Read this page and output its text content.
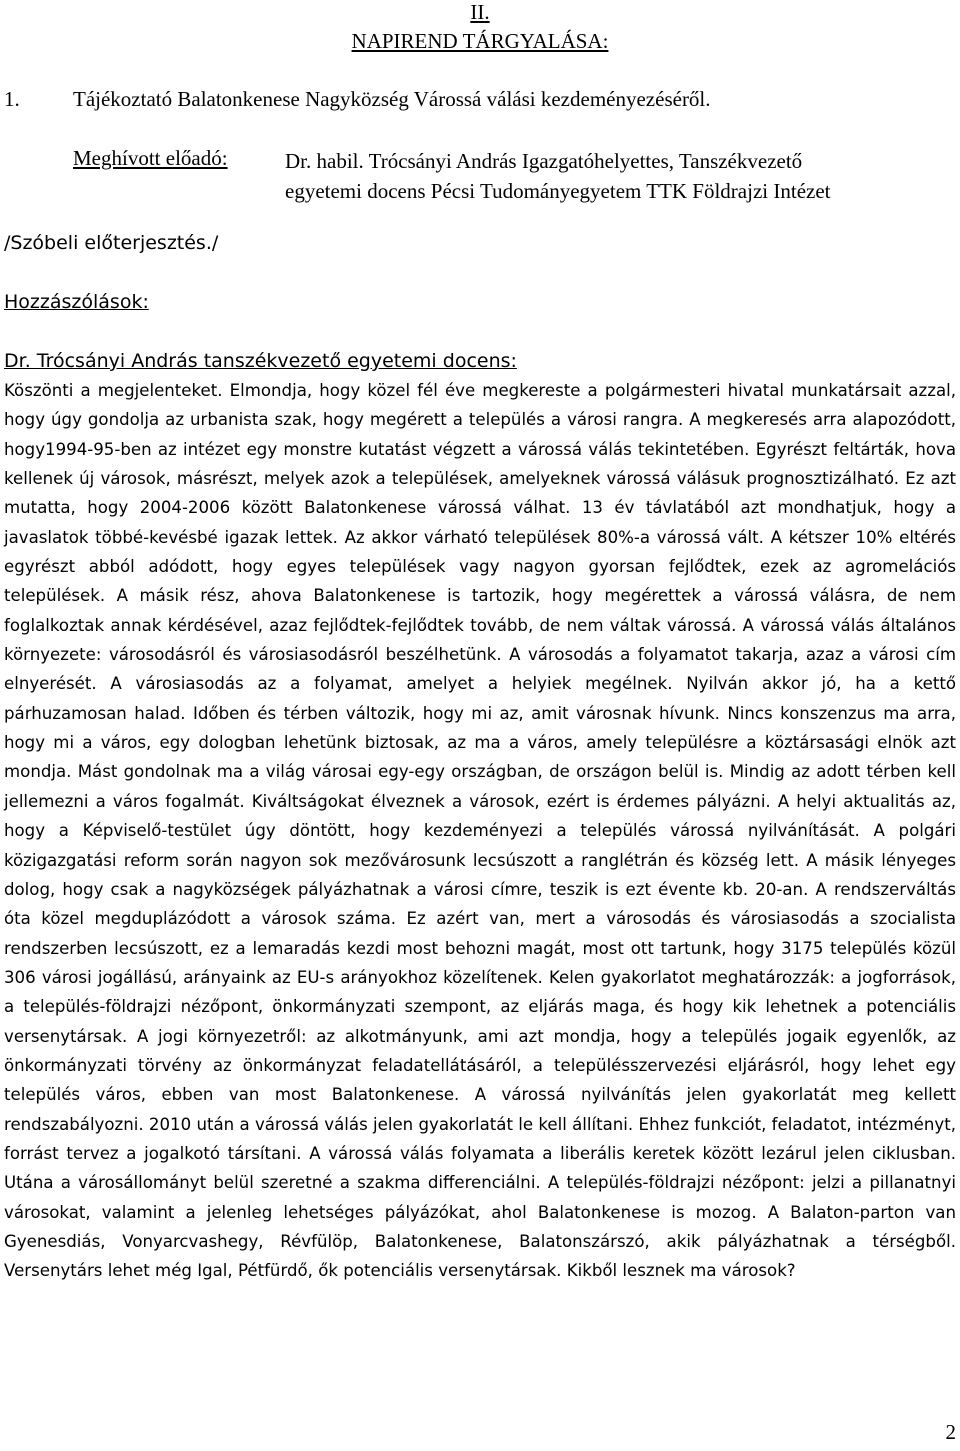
II.
NAPIREND TÁRGYALÁSA:
1.	Tájékoztató Balatonkenese Nagyközség Várossá válási kezdeményezéséről.
Meghívott előadó:	Dr. habil. Trócsányi András Igazgatóhelyettes, Tanszékvezető
egyetemi docens Pécsi Tudományegyetem TTK Földrajzi Intézet
/Szóbeli előterjesztés./
Hozzászólások:
Dr. Trócsányi András tanszékvezető egyetemi docens:

Köszönti a megjelenteket. Elmondja, hogy közel fél éve megkereste a polgármesteri hivatal munkatársait azzal, hogy úgy gondolja az urbanista szak, hogy megérett a település a városi rangra. A megkeresés arra alapozódott, hogy1994-95-ben az intézet egy monstre kutatást végzett a várossá válás tekintetében. Egyrészt feltárták, hova kellenek új városok, másrészt, melyek azok a települések, amelyeknek várossá válásuk prognosztizálható. Ez azt mutatta, hogy 2004-2006 között Balatonkenese várossá válhat. 13 év távlatából azt mondhatjuk, hogy a javaslatok többé-kevésbé igazak lettek. Az akkor várható települések 80%-a várossá vált. A kétszer 10% eltérés egyrészt abból adódott, hogy egyes települések vagy nagyon gyorsan fejlődtek, ezek az agromelációs települések. A másik rész, ahova Balatonkenese is tartozik, hogy megérettek a várossá válásra, de nem foglalkoztak annak kérdésével, azaz fejlődtek-fejlődtek tovább, de nem váltak várossá. A várossá válás általános környezete: városodásról és városiasodásról beszélhetünk. A városodás a folyamatot takarja, azaz a városi cím elnyerését. A városiasodás az a folyamat, amelyet a helyiek megélnek. Nyilván akkor jó, ha a kettő párhuzamosan halad. Időben és térben változik, hogy mi az, amit városnak hívunk. Nincs konszenzus ma arra, hogy mi a város, egy dologban lehetünk biztosak, az ma a város, amely településre a köztársasági elnök azt mondja. Mást gondolnak ma a világ városai egy-egy országban, de országon belül is. Mindig az adott térben kell jellemezni a város fogalmát. Kiváltságokat élveznek a városok, ezért is érdemes pályázni. A helyi aktualitás az, hogy a Képviselő-testület úgy döntött, hogy kezdeményezi a település várossá nyilvánítását. A polgári közigazgatási reform során nagyon sok mezővárosunk lecsúszott a ranglétrán és község lett. A másik lényeges dolog, hogy csak a nagyközségek pályázhatnak a városi címre, teszik is ezt évente kb. 20-an. A rendszerváltás óta közel megduplázódott a városok száma. Ez azért van, mert a városodás és városiasodás a szocialista rendszerben lecsúszott, ez a lemaradás kezdi most behozni magát, most ott tartunk, hogy 3175 település közül 306 városi jogállású, arányaink az EU-s arányokhoz közelítenek. Kelen gyakorlatot meghatározzák: a jogforrások, a település-földrajzi nézőpont, önkormányzati szempont, az eljárás maga, és hogy kik lehetnek a potenciális versenytársak. A jogi környezetről: az alkotmányunk, ami azt mondja, hogy a település jogaik egyenlők, az önkormányzati törvény az önkormányzat feladatellátásáról, a településszervezési eljárásról, hogy lehet egy település város, ebben van most Balatonkenese. A várossá nyilvánítás jelen gyakorlatát meg kellett rendszabályozni. 2010 után a várossá válás jelen gyakorlatát le kell állítani. Ehhez funkciót, feladatot, intézményt, forrást tervez a jogalkotó társítani. A várossá válás folyamata a liberális keretek között lezárul jelen ciklusban. Utána a városállományt belül szeretné a szakma differenciálni. A település-földrajzi nézőpont: jelzi a pillanatnyi városokat, valamint a jelenleg lehetséges pályázókat, ahol Balatonkenese is mozog. A Balaton-parton van Gyenesdiás, Vonyarcvashegy, Révfülöp, Balatonkenese, Balatonszárszó, akik pályázhatnak a térségből. Versenytárs lehet még Igal, Pétfürdő, ők potenciális versenytársak. Kikből lesznek ma városok?

2
